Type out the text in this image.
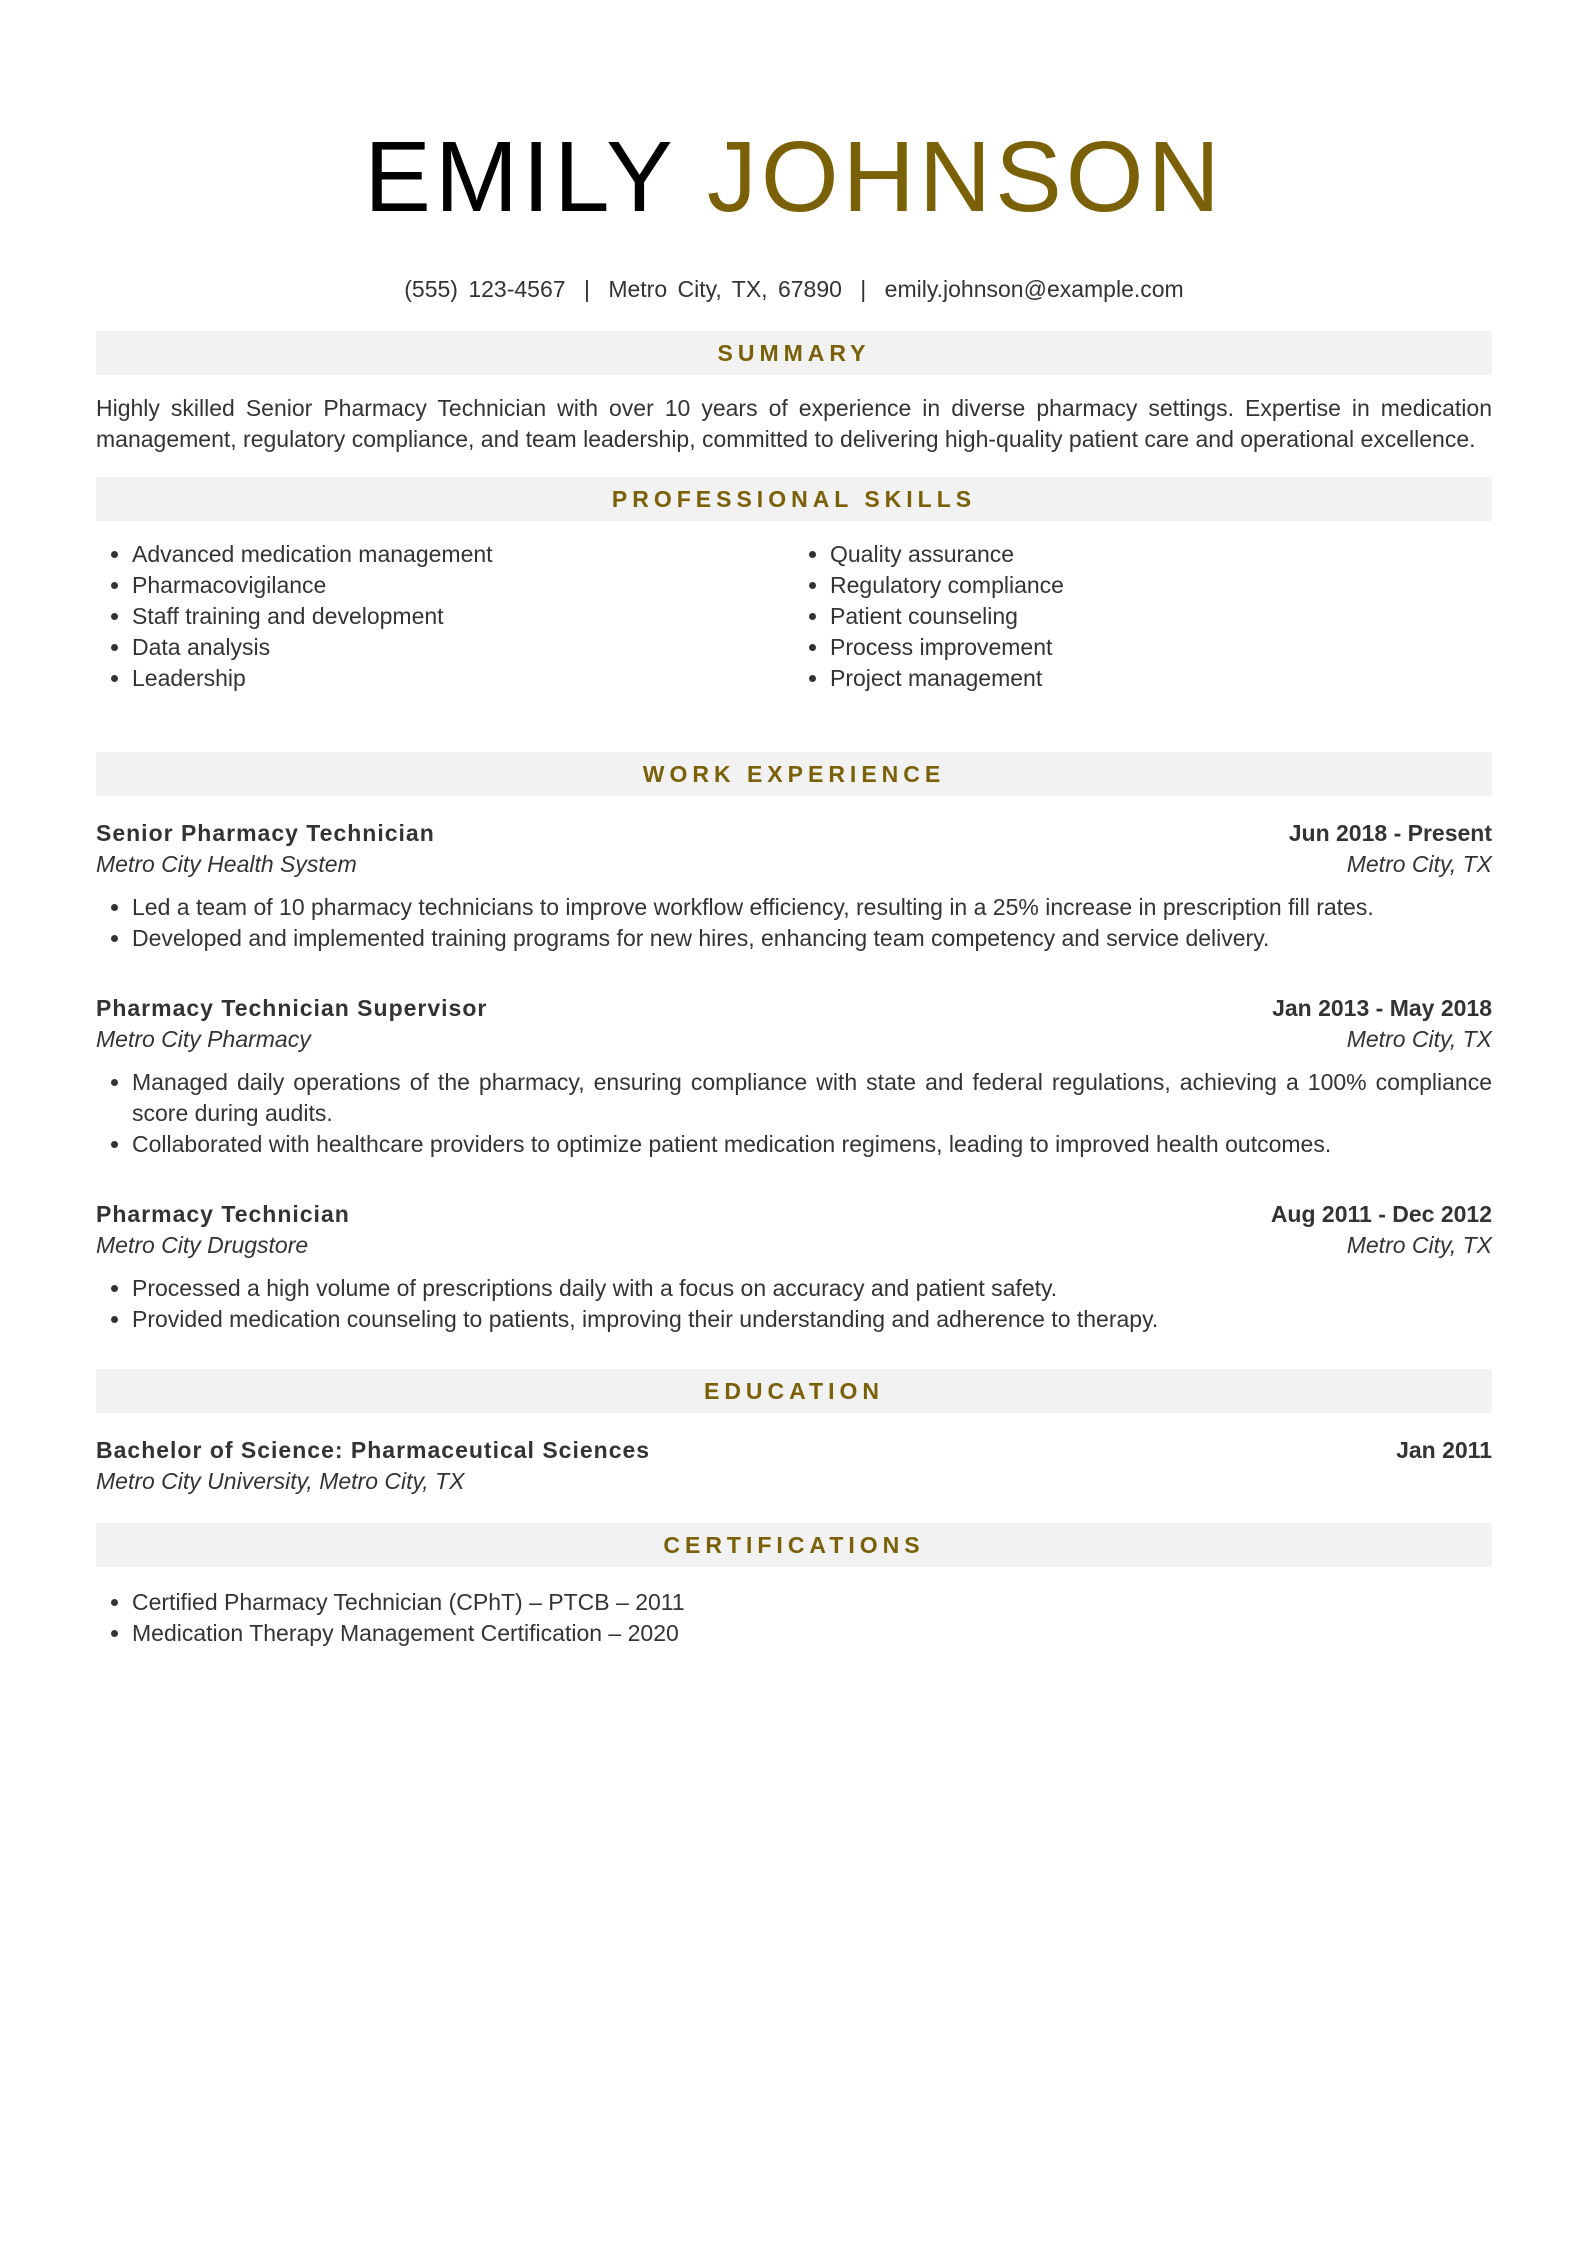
EMILY JOHNSON
(555) 123-4567 | Metro City, TX, 67890 | emily.johnson@example.com
SUMMARY

Highly skilled Senior Pharmacy Technician with over 10 years of experience in diverse pharmacy settings. Expertise in medication management, regulatory compliance, and team leadership, committed to delivering high-quality patient care and operational excellence.

PROFESSIONAL SKILLS
• Advanced medication management
• Pharmacovigilance
• Staff training and development
• Data analysis
• Leadership
• Quality assurance
• Regulatory compliance
• Patient counseling
• Process improvement
• Project management
WORK EXPERIENCE
Senior Pharmacy Technician	Jun 2018 - Present
Metro City Health System	Metro City, TX
• Led a team of 10 pharmacy technicians to improve workflow efficiency, resulting in a 25% increase in prescription fill rates.
• Developed and implemented training programs for new hires, enhancing team competency and service delivery.
Pharmacy Technician Supervisor	Jan 2013 - May 2018
Metro City Pharmacy	Metro City, TX
• Managed daily operations of the pharmacy, ensuring compliance with state and federal regulations, achieving a 100% compliance score during audits.
• Collaborated with healthcare providers to optimize patient medication regimens, leading to improved health outcomes.
Pharmacy Technician	Aug 2011 - Dec 2012
Metro City Drugstore	Metro City, TX
• Processed a high volume of prescriptions daily with a focus on accuracy and patient safety.
• Provided medication counseling to patients, improving their understanding and adherence to therapy.
EDUCATION
Bachelor of Science: Pharmaceutical Sciences	Jan 2011
Metro City University, Metro City, TX
CERTIFICATIONS
• Certified Pharmacy Technician (CPhT) – PTCB – 2011
• Medication Therapy Management Certification – 2020
